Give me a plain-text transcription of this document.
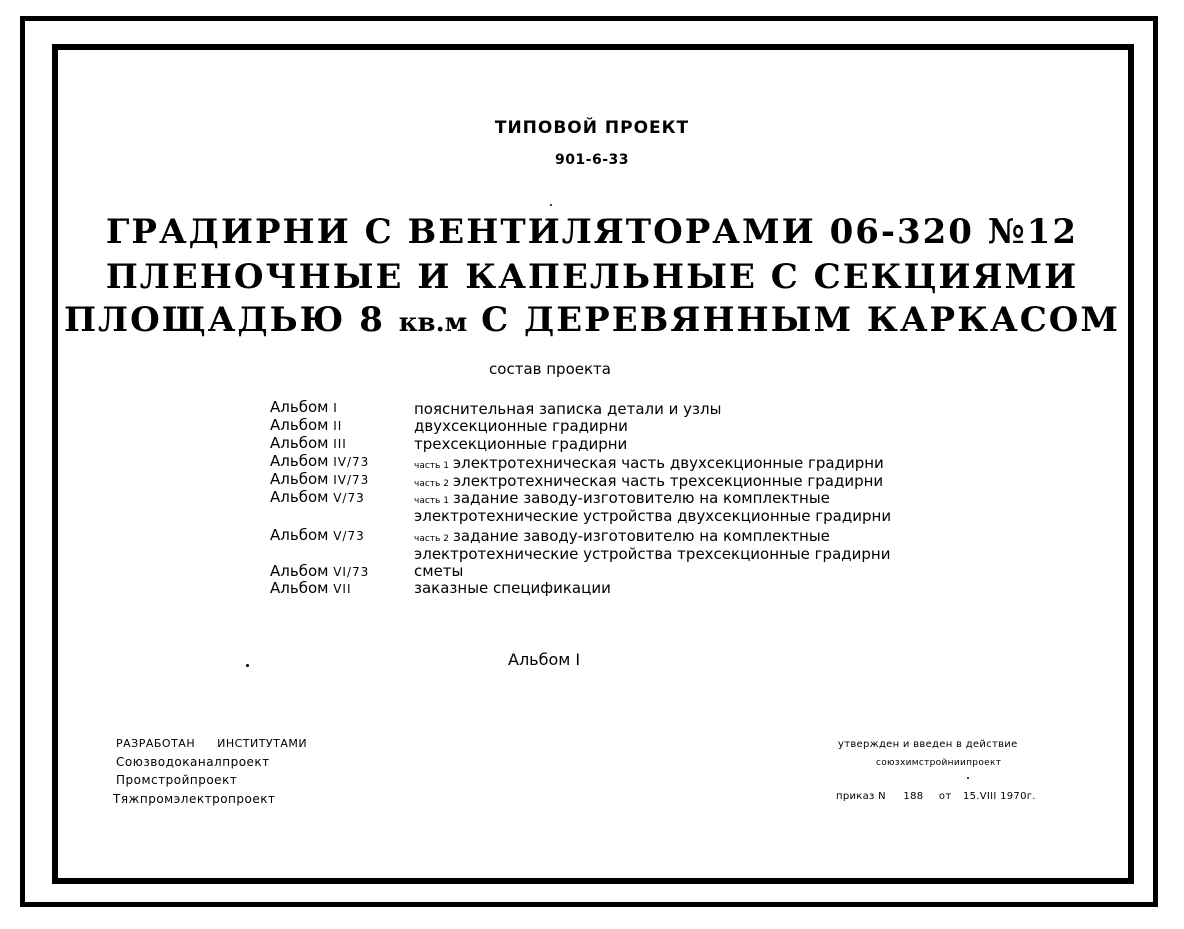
ТИПОВОЙ ПРОЕКТ
901-6-33
ГРАДИРНИ С ВЕНТИЛЯТОРАМИ 06-320 №12
ПЛЕНОЧНЫЕ И КАПЕЛЬНЫЕ С СЕКЦИЯМИ
ПЛОЩАДЬЮ 8 кв.м С ДЕРЕВЯННЫМ КАРКАСОМ
состав проекта
Альбом I	пояснительная записка детали и узлы
Альбом II	двухсекционные градирни
Альбом III	трехсекционные градирни
Альбом IV/73	часть 1 электротехническая часть двухсекционные градирни
Альбом IV/73	часть 2 электротехническая часть трехсекционные градирни
Альбом V/73	часть 1 задание заводу-изготовителю на комплектные
электротехнические устройства двухсекционные градирни
Альбом V/73	часть 2 задание заводу-изготовителю на комплектные
электротехнические устройства трехсекционные градирни
Альбом VI/73	сметы
Альбом VII	заказные спецификации
Альбом I
РАЗРАБОТАН ИНСТИТУТАМИ
Союзводоканалпроект
Промстройпроект
Тяжпромэлектропроект
утвержден и введен в действие
союзхимстройниипроект
приказ N 188 от 15.VIII 1970г.
